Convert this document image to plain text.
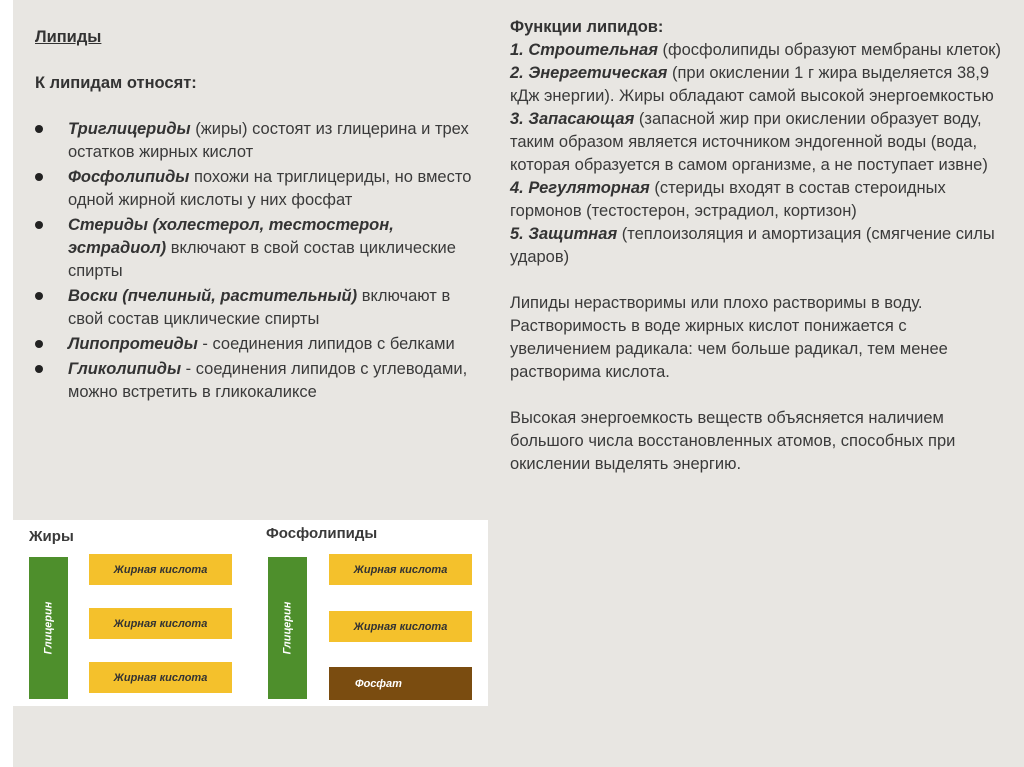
Липиды

К липидам относят:

Триглицериды (жиры) состоят из глицерина и трех остатков жирных кислот
Фосфолипиды похожи на триглицериды, но вместо одной жирной кислоты у них фосфат
Стериды (холестерол, тестостерон, эстрадиол) включают в свой состав циклические спирты
Воски (пчелиный, растительный) включают в свой состав циклические спирты
Липопротеиды - соединения липидов с белками
Гликолипиды - соединения липидов с углеводами, можно встретить в гликокаликсе

Функции липидов:

1. Строительная (фосфолипиды образуют мембраны клеток)

2. Энергетическая (при окислении 1 г жира выделяется 38,9 кДж энергии). Жиры обладают самой высокой энергоемкостью

3. Запасающая (запасной жир при окислении образует воду, таким образом является источником эндогенной воды (вода, которая образуется в самом организме, а не поступает извне)

4. Регуляторная (стериды входят в состав стероидных гормонов (тестостерон, эстрадиол, кортизон)

5. Защитная (теплоизоляция и амортизация (смягчение силы ударов)

Липиды нерастворимы или плохо растворимы в воду. Растворимость в воде жирных кислот понижается с увеличением радикала: чем больше радикал, тем менее растворима кислота.

Высокая энергоемкость веществ объясняется наличием большого числа восстановленных атомов, способных при окислении выделять энергию.

Жиры	Фосфолипиды
Глицерин
Жирная кислота
Жирная кислота
Жирная кислота
Глицерин
Жирная кислота
Жирная кислота
Фосфат
